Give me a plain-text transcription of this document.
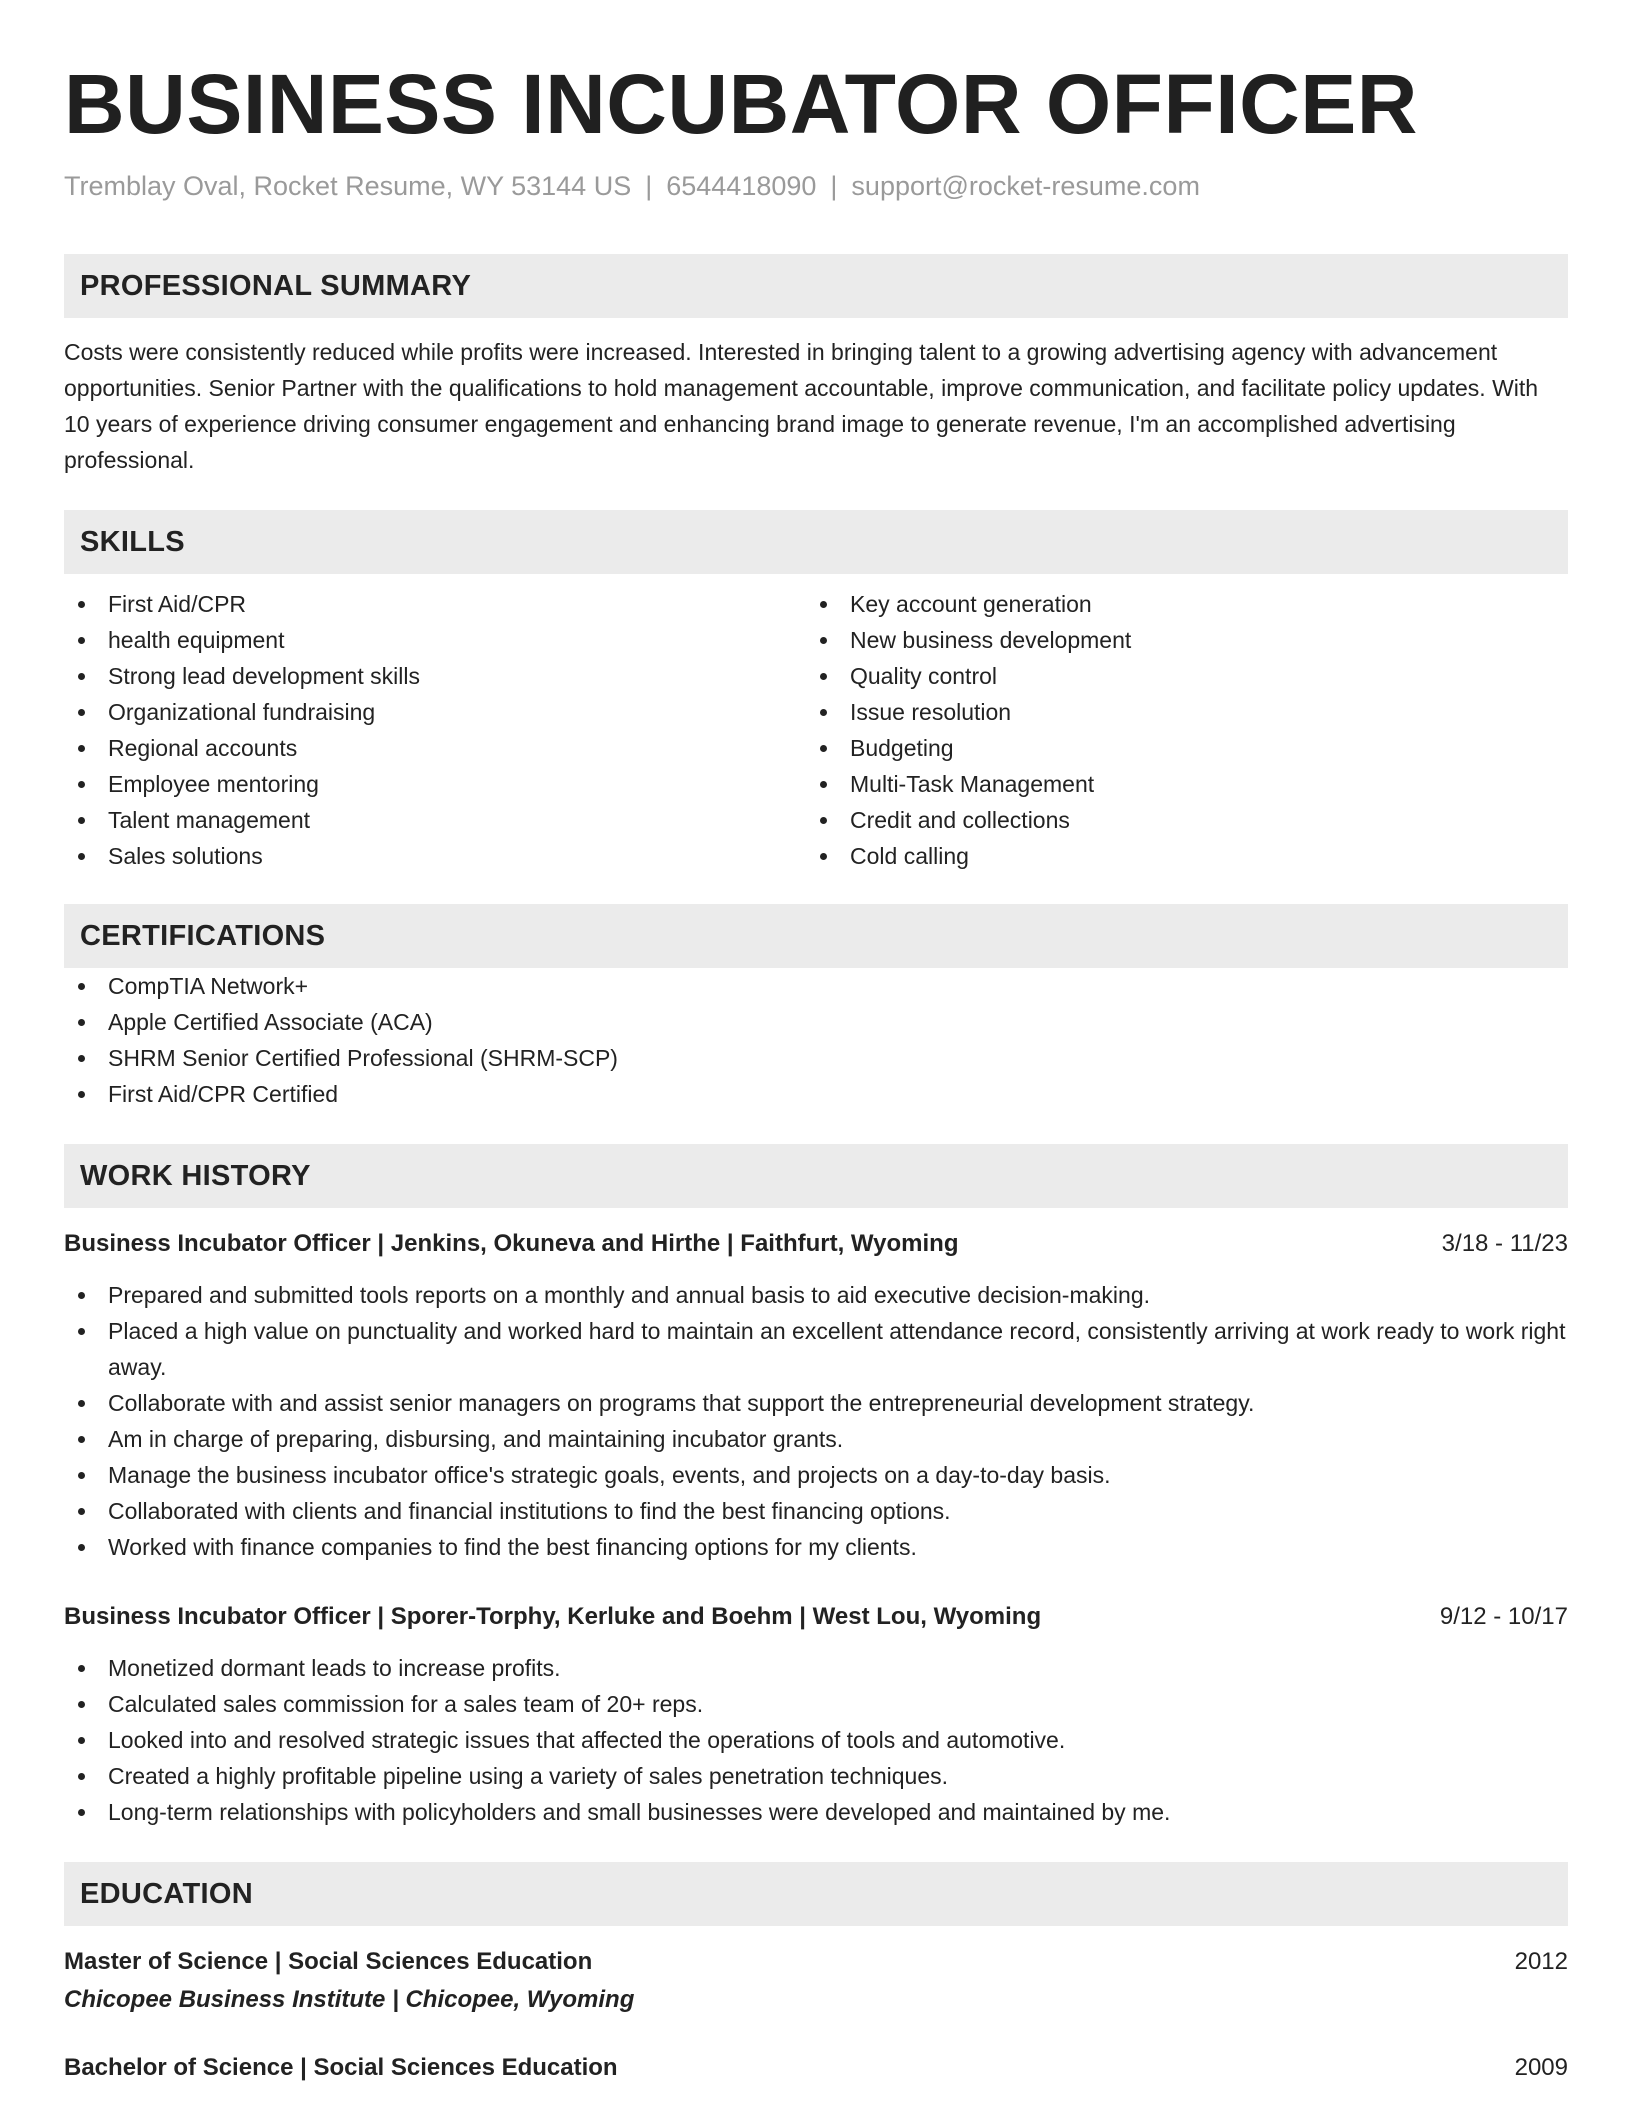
BUSINESS INCUBATOR OFFICER
Tremblay Oval, Rocket Resume, WY 53144 US | 6544418090 | support@rocket-resume.com
PROFESSIONAL SUMMARY
Costs were consistently reduced while profits were increased. Interested in bringing talent to a growing advertising agency with advancement opportunities. Senior Partner with the qualifications to hold management accountable, improve communication, and facilitate policy updates. With 10 years of experience driving consumer engagement and enhancing brand image to generate revenue, I'm an accomplished advertising professional.
SKILLS
First Aid/CPR
health equipment
Strong lead development skills
Organizational fundraising
Regional accounts
Employee mentoring
Talent management
Sales solutions
Key account generation
New business development
Quality control
Issue resolution
Budgeting
Multi-Task Management
Credit and collections
Cold calling
CERTIFICATIONS
CompTIA Network+
Apple Certified Associate (ACA)
SHRM Senior Certified Professional (SHRM-SCP)
First Aid/CPR Certified
WORK HISTORY
Business Incubator Officer | Jenkins, Okuneva and Hirthe | Faithfurt, Wyoming	3/18 - 11/23
Prepared and submitted tools reports on a monthly and annual basis to aid executive decision-making.
Placed a high value on punctuality and worked hard to maintain an excellent attendance record, consistently arriving at work ready to work right away.
Collaborate with and assist senior managers on programs that support the entrepreneurial development strategy.
Am in charge of preparing, disbursing, and maintaining incubator grants.
Manage the business incubator office's strategic goals, events, and projects on a day-to-day basis.
Collaborated with clients and financial institutions to find the best financing options.
Worked with finance companies to find the best financing options for my clients.
Business Incubator Officer | Sporer-Torphy, Kerluke and Boehm | West Lou, Wyoming	9/12 - 10/17
Monetized dormant leads to increase profits.
Calculated sales commission for a sales team of 20+ reps.
Looked into and resolved strategic issues that affected the operations of tools and automotive.
Created a highly profitable pipeline using a variety of sales penetration techniques.
Long-term relationships with policyholders and small businesses were developed and maintained by me.
EDUCATION
Master of Science | Social Sciences Education	2012
Chicopee Business Institute | Chicopee, Wyoming
Bachelor of Science | Social Sciences Education	2009
